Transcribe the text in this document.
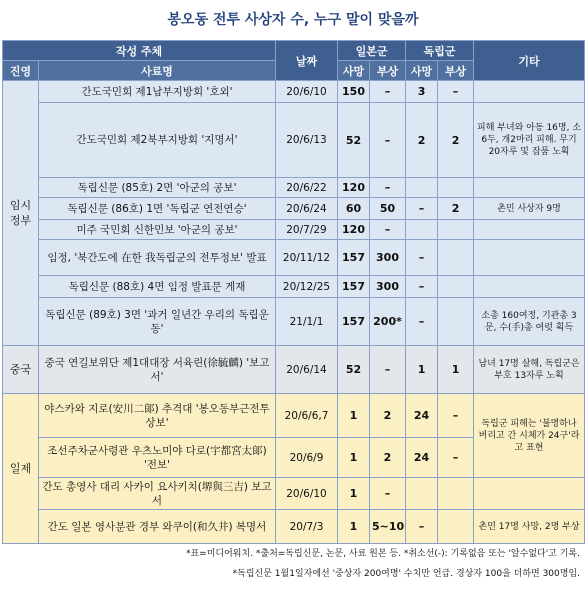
봉오동 전투 사상자 수, 누구 말이 맞을까
작성 주체		날짜	일본군		독립군		기타
진영	사료명		사망	부상	사망	부상	
임시정부	간도국민회 제1남부지방회 '호외'	20/6/10	150	–	3	–	
	간도국민회 제2북부지방회 '지명서'	20/6/13	52	–	2	2	피해 부녀와 아동 16명, 소6두, 개2마리 피해. 무기 20자루 및 잡품 노획
	독립신문 (85호) 2면 '아군의 공보'	20/6/22	120	–			
	독립신문 (86호) 1면 '독립군 연전연승'	20/6/24	60	50	–	2	촌민 사상자 9명
	미주 국민회 신한민보 '아군의 공보'	20/7/29	120	–			
	임정, '북간도에 在한 我독립군의 전투정보' 발표	20/11/12	157	300	–		
	독립신문 (88호) 4면 임정 발표문 게재	20/12/25	157	300	–		
	독립신문 (89호) 3면 '과거 일년간 우리의 독립운동'	21/1/1	157	200*	–		소총 160여정, 기관총 3문, 수(手)총 여럿 획득
중국	중국 연길보위단 제1대대장 서육린(徐毓麟) '보고서'	20/6/14	52	–	1	1	남녀 17명 살해, 독립군은 부호 13자루 노획
일제	야스카와 지로(安川二郞) 추격대 '봉오동부근전투상보'	20/6/6,7	1	2	24	–	독립군 피해는 '불명하나 버리고 간 시체가 24구'라고 표현
	조선주차군사령관 우츠노미야 다로(宇都宮太郞) '전보'	20/6/9	1	2	24	–	
	간도 총영사 대리 사카이 요사키치(堺與三吉) 보고서	20/6/10	1	–			
	간도 일본 영사분관 경부 와쿠이(和久井) 복명서	20/7/3	1	5~10	–		촌민 17명 사망, 2명 부상
*표=미디어워치. *출처=독립신문, 논문, 사료 원본 등. *취소선(-): 기록없음 또는 '알수없다'고 기록.
*독립신문 1월1일자에선 '중상자 200여명' 수치만 언급. 경상자 100을 더하면 300명임.
